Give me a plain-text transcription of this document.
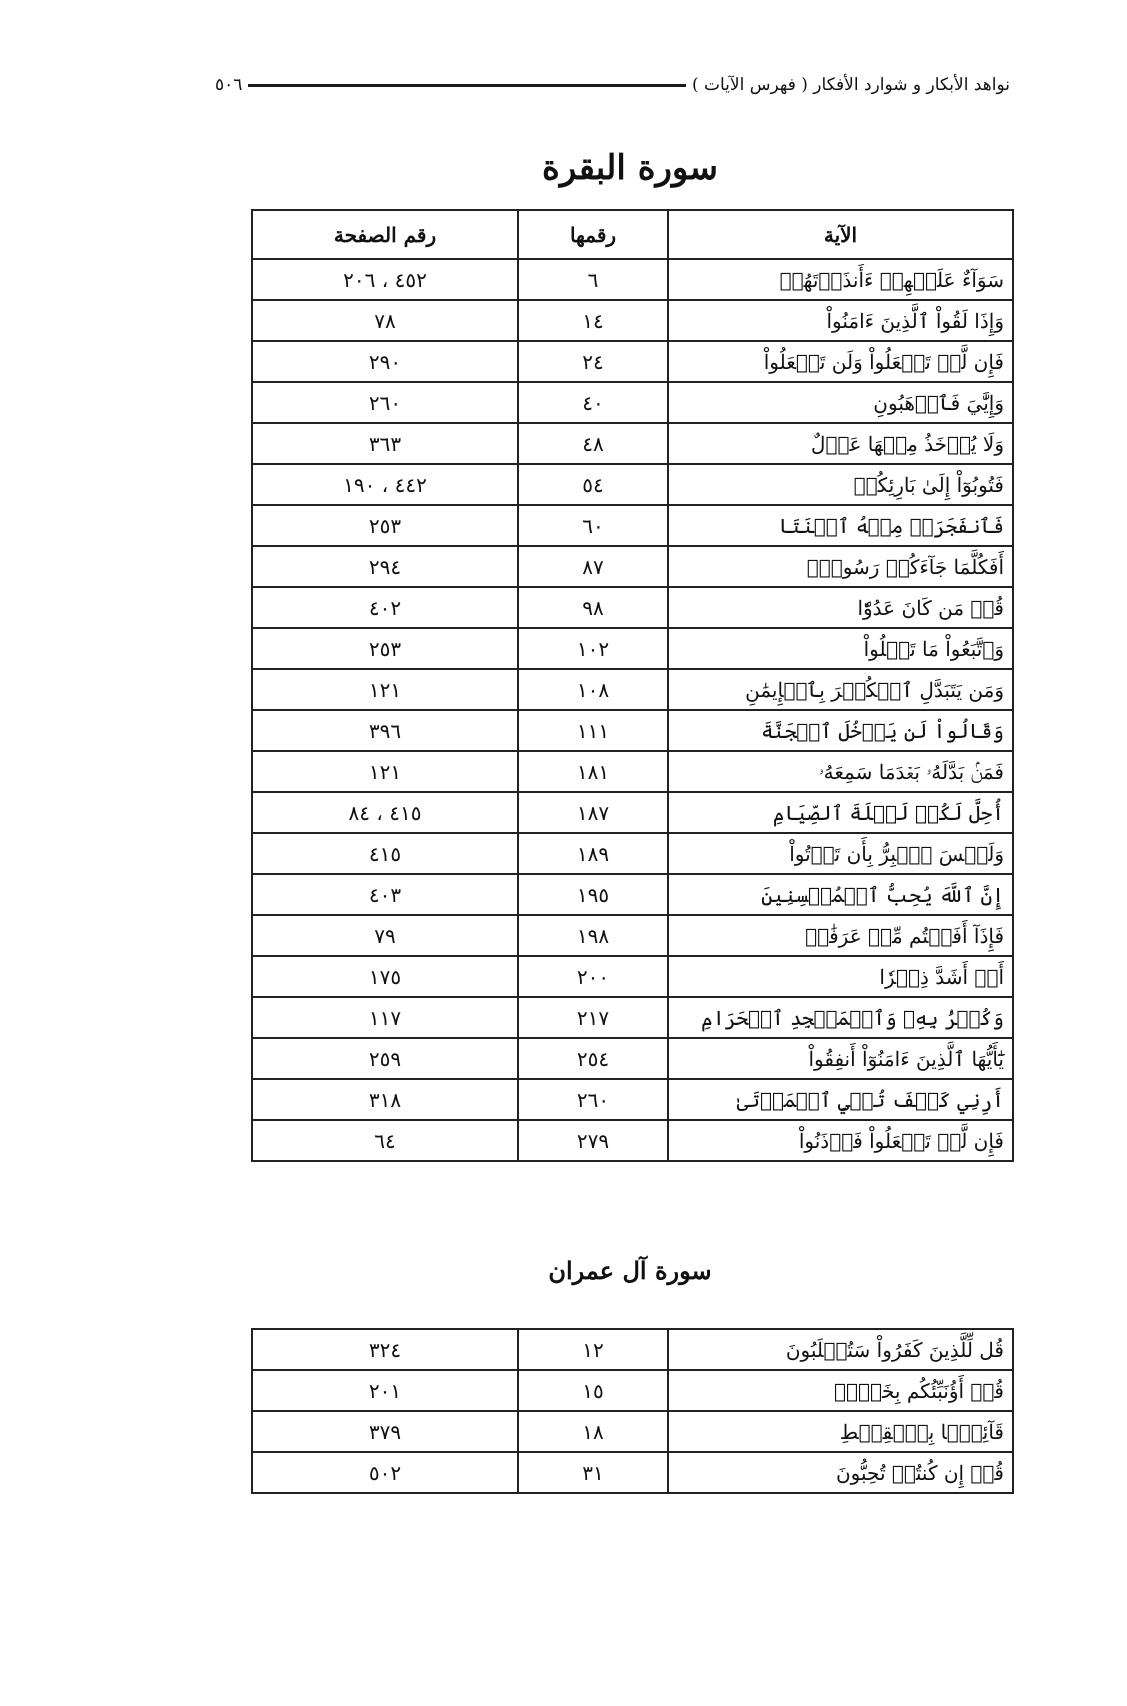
نواهد الأبكار و شوارد الأفكار ( فهرس الآيات )
٥٠٦
سورة البقرة
الآية	رقمها	رقم الصفحة
سَوَآءٌ عَلَيۡهِمۡ ءَأَنذَرۡتَهُمۡ	٦	٤٥٢ ، ٢٠٦
وَإِذَا لَقُواْ ٱلَّذِينَ ءَامَنُواْ	١٤	٧٨
فَإِن لَّمۡ تَفۡعَلُواْ وَلَن تَفۡعَلُواْ	٢٤	٢٩٠
وَإِيَّٰيَ فَٱرۡهَبُونِ	٤٠	٢٦٠
وَلَا يُؤۡخَذُ مِنۡهَا عَدۡلٌ	٤٨	٣٦٣
فَتُوبُوٓاْ إِلَىٰ بَارِئِكُمۡ	٥٤	٤٤٢ ، ١٩٠
فَٱنفَجَرَتۡ مِنۡهُ ٱثۡنَتَا	٦٠	٢٥٣
أَفَكُلَّمَا جَآءَكُمۡ رَسُولُۢ	٨٧	٢٩٤
قُلۡ مَن كَانَ عَدُوّٗا	٩٨	٤٠٢
وَٱتَّبَعُواْ مَا تَتۡلُواْ	١٠٢	٢٥٣
وَمَن يَتَبَدَّلِ ٱلۡكُفۡرَ بِٱلۡإِيمَٰنِ	١٠٨	١٢١
وَقَالُواْ لَن يَدۡخُلَ ٱلۡجَنَّةَ	١١١	٣٩٦
فَمَنۢ بَدَّلَهُۥ بَعۡدَمَا سَمِعَهُۥ	١٨١	١٢١
أُحِلَّ لَكُمۡ لَيۡلَةَ ٱلصِّيَامِ	١٨٧	٤١٥ ، ٨٤
وَلَيۡسَ ٱلۡبِرُّ بِأَن تَأۡتُواْ	١٨٩	٤١٥
إِنَّ ٱللَّهَ يُحِبُّ ٱلۡمُحۡسِنِينَ	١٩٥	٤٠٣
فَإِذَآ أَفَضۡتُم مِّنۡ عَرَفَٰتٖ	١٩٨	٧٩
أَوۡ أَشَدَّ ذِكۡرٗا	٢٠٠	١٧٥
وَكُفۡرُۢ بِهِۦ وَٱلۡمَسۡجِدِ ٱلۡحَرَامِ	٢١٧	١١٧
يَٰٓأَيُّهَا ٱلَّذِينَ ءَامَنُوٓاْ أَنفِقُواْ	٢٥٤	٢٥٩
أَرِنِي كَيۡفَ تُحۡيِ ٱلۡمَوۡتَىٰ	٢٦٠	٣١٨
فَإِن لَّمۡ تَفۡعَلُواْ فَأۡذَنُواْ	٢٧٩	٦٤
سورة آل عمران
قُل لِّلَّذِينَ كَفَرُواْ سَتُغۡلَبُونَ	١٢	٣٢٤
قُلۡ أَؤُنَبِّئُكُم بِخَيۡرٖ	١٥	٢٠١
قَآئِمَۢا بِٱلۡقِسۡطِ	١٨	٣٧٩
قُلۡ إِن كُنتُمۡ تُحِبُّونَ	٣١	٥٠٢
